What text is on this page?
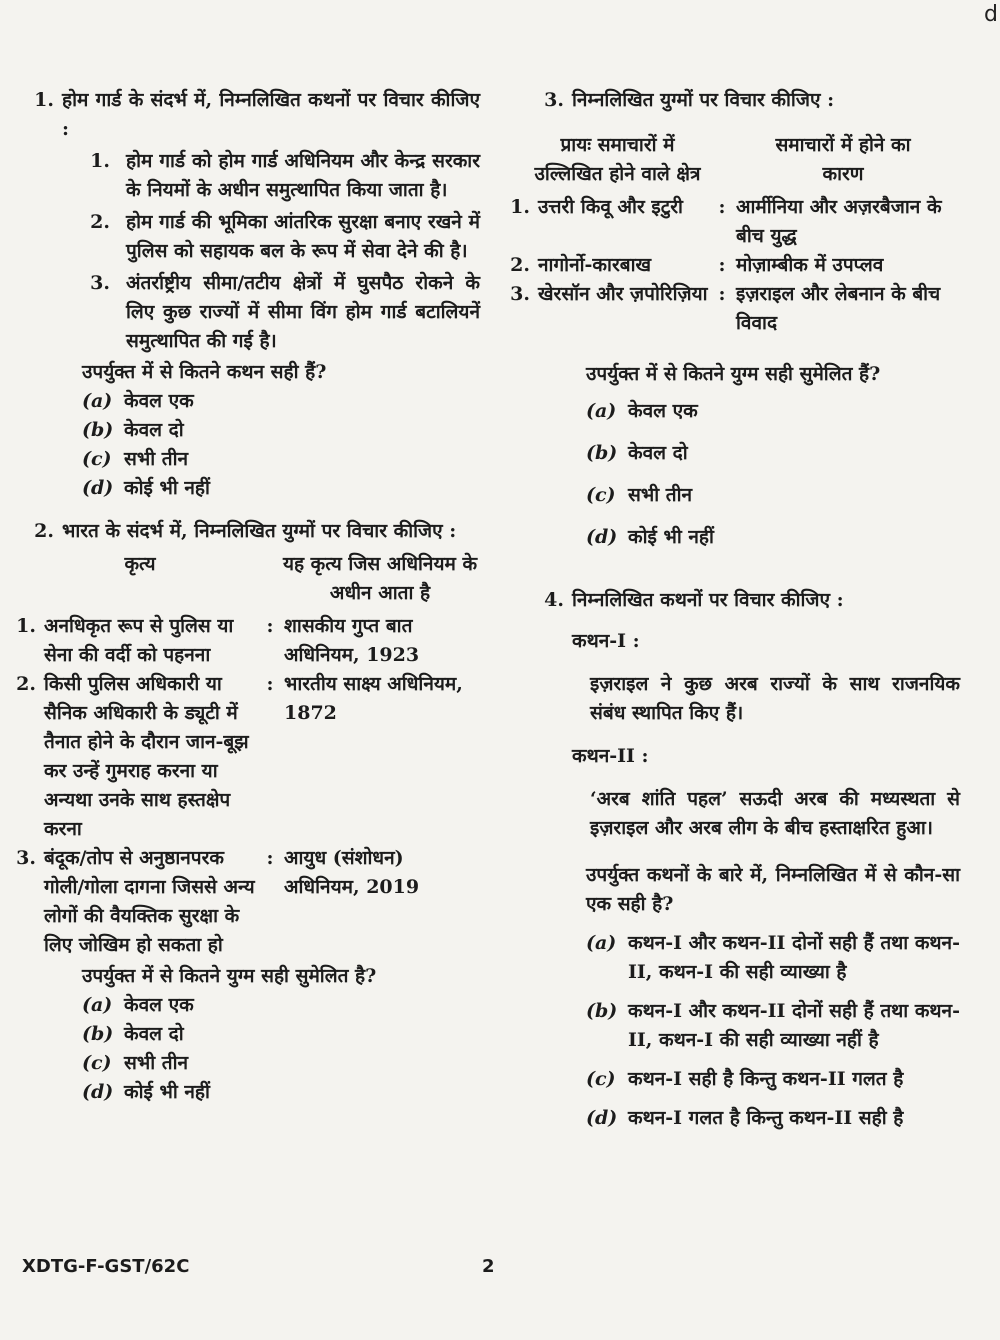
d
1. होम गार्ड के संदर्भ में, निम्नलिखित कथनों पर विचार कीजिए :
1. होम गार्ड को होम गार्ड अधिनियम और केन्द्र सरकार के नियमों के अधीन समुत्थापित किया जाता है।
2. होम गार्ड की भूमिका आंतरिक सुरक्षा बनाए रखने में पुलिस को सहायक बल के रूप में सेवा देने की है।
3. अंतर्राष्ट्रीय सीमा/तटीय क्षेत्रों में घुसपैठ रोकने के लिए कुछ राज्यों में सीमा विंग होम गार्ड बटालियनें समुत्थापित की गई है।
उपर्युक्त में से कितने कथन सही हैं?
(a) केवल एक
(b) केवल दो
(c) सभी तीन
(d) कोई भी नहीं
2. भारत के संदर्भ में, निम्नलिखित युग्मों पर विचार कीजिए :
कृत्य	यह कृत्य जिस अधिनियम के अधीन आता है
1. अनधिकृत रूप से पुलिस या सेना की वर्दी को पहनना
: शासकीय गुप्त बात अधिनियम, 1923
2. किसी पुलिस अधिकारी या सैनिक अधिकारी के ड्यूटी में तैनात होने के दौरान जान-बूझ कर उन्हें गुमराह करना या अन्यथा उनके साथ हस्तक्षेप करना
: भारतीय साक्ष्य अधिनियम, 1872
3. बंदूक/तोप से अनुष्ठानपरक गोली/गोला दागना जिससे अन्य लोगों की वैयक्तिक सुरक्षा के लिए जोखिम हो सकता हो
: आयुध (संशोधन) अधिनियम, 2019
उपर्युक्त में से कितने युग्म सही सुमेलित है?
(a) केवल एक
(b) केवल दो
(c) सभी तीन
(d) कोई भी नहीं
3. निम्नलिखित युग्मों पर विचार कीजिए :
प्रायः समाचारों में उल्लिखित होने वाले क्षेत्र
समाचारों में होने का कारण
1. उत्तरी किवू और इटुरी	: आर्मीनिया और अज़रबैजान के बीच युद्ध
2. नागोर्नो-कारबाख	: मोज़ाम्बीक में उपप्लव
3. खेरसॉन और ज़पोरिज़िया : इज़राइल और लेबनान के बीच विवाद
उपर्युक्त में से कितने युग्म सही सुमेलित हैं?
(a) केवल एक
(b) केवल दो
(c) सभी तीन
(d) कोई भी नहीं
4. निम्नलिखित कथनों पर विचार कीजिए :
कथन-I :
इज़राइल ने कुछ अरब राज्यों के साथ राजनयिक संबंध स्थापित किए हैं।
कथन-II :
‘अरब शांति पहल’ सऊदी अरब की मध्यस्थता से इज़राइल और अरब लीग के बीच हस्ताक्षरित हुआ।
उपर्युक्त कथनों के बारे में, निम्नलिखित में से कौन-सा एक सही है?
(a) कथन-I और कथन-II दोनों सही हैं तथा कथन-II, कथन-I की सही व्याख्या है
(b) कथन-I और कथन-II दोनों सही हैं तथा कथन-II, कथन-I की सही व्याख्या नहीं है
(c) कथन-I सही है किन्तु कथन-II गलत है
(d) कथन-I गलत है किन्तु कथन-II सही है
XDTG-F-GST/62C	2
